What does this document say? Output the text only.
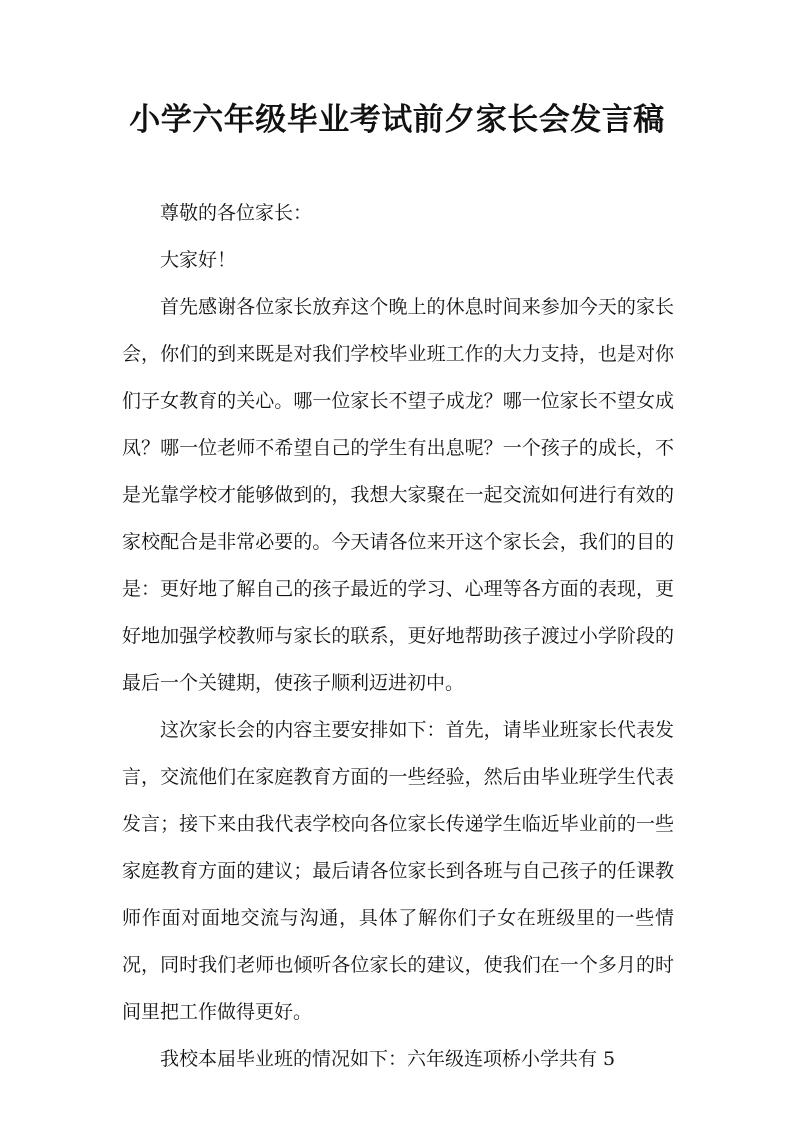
小学六年级毕业考试前夕家长会发言稿

尊敬的各位家长：

大家好！

首先感谢各位家长放弃这个晚上的休息时间来参加今天的家长会，你们的到来既是对我们学校毕业班工作的大力支持，也是对你们子女教育的关心。哪一位家长不望子成龙？哪一位家长不望女成凤？哪一位老师不希望自己的学生有出息呢？一个孩子的成长，不是光靠学校才能够做到的，我想大家聚在一起交流如何进行有效的家校配合是非常必要的。今天请各位来开这个家长会，我们的目的是：更好地了解自己的孩子最近的学习、心理等各方面的表现，更好地加强学校教师与家长的联系，更好地帮助孩子渡过小学阶段的最后一个关键期，使孩子顺利迈进初中。

这次家长会的内容主要安排如下：首先，请毕业班家长代表发言，交流他们在家庭教育方面的一些经验，然后由毕业班学生代表发言；接下来由我代表学校向各位家长传递学生临近毕业前的一些家庭教育方面的建议；最后请各位家长到各班与自己孩子的任课教师作面对面地交流与沟通，具体了解你们子女在班级里的一些情况，同时我们老师也倾听各位家长的建议，使我们在一个多月的时间里把工作做得更好。

我校本届毕业班的情况如下：六年级连项桥小学共有 5
